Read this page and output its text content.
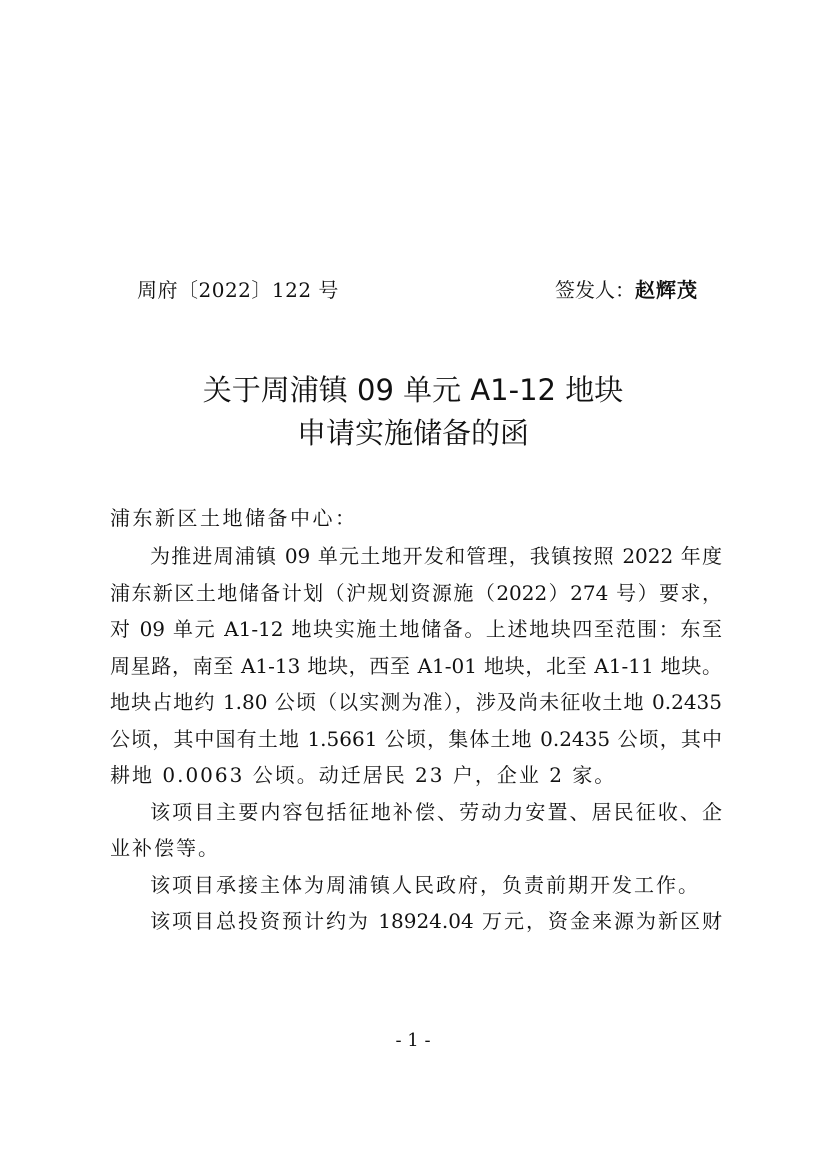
周府〔2022〕122 号	签发人：赵辉茂
关于周浦镇 09 单元 A1-12 地块
申请实施储备的函
浦东新区土地储备中心：
为推进周浦镇 09 单元土地开发和管理，我镇按照 2022 年度
浦东新区土地储备计划（沪规划资源施（2022）274 号）要求，
对 09 单元 A1-12 地块实施土地储备。上述地块四至范围：东至
周星路，南至 A1-13 地块，西至 A1-01 地块，北至 A1-11 地块。
地块占地约 1.80 公顷（以实测为准），涉及尚未征收土地 0.2435
公顷，其中国有土地 1.5661 公顷，集体土地 0.2435 公顷，其中
耕地 0.0063 公顷。动迁居民 23 户，企业 2 家。
该项目主要内容包括征地补偿、劳动力安置、居民征收、企
业补偿等。
该项目承接主体为周浦镇人民政府，负责前期开发工作。
该项目总投资预计约为 18924.04 万元，资金来源为新区财
- 1 -
